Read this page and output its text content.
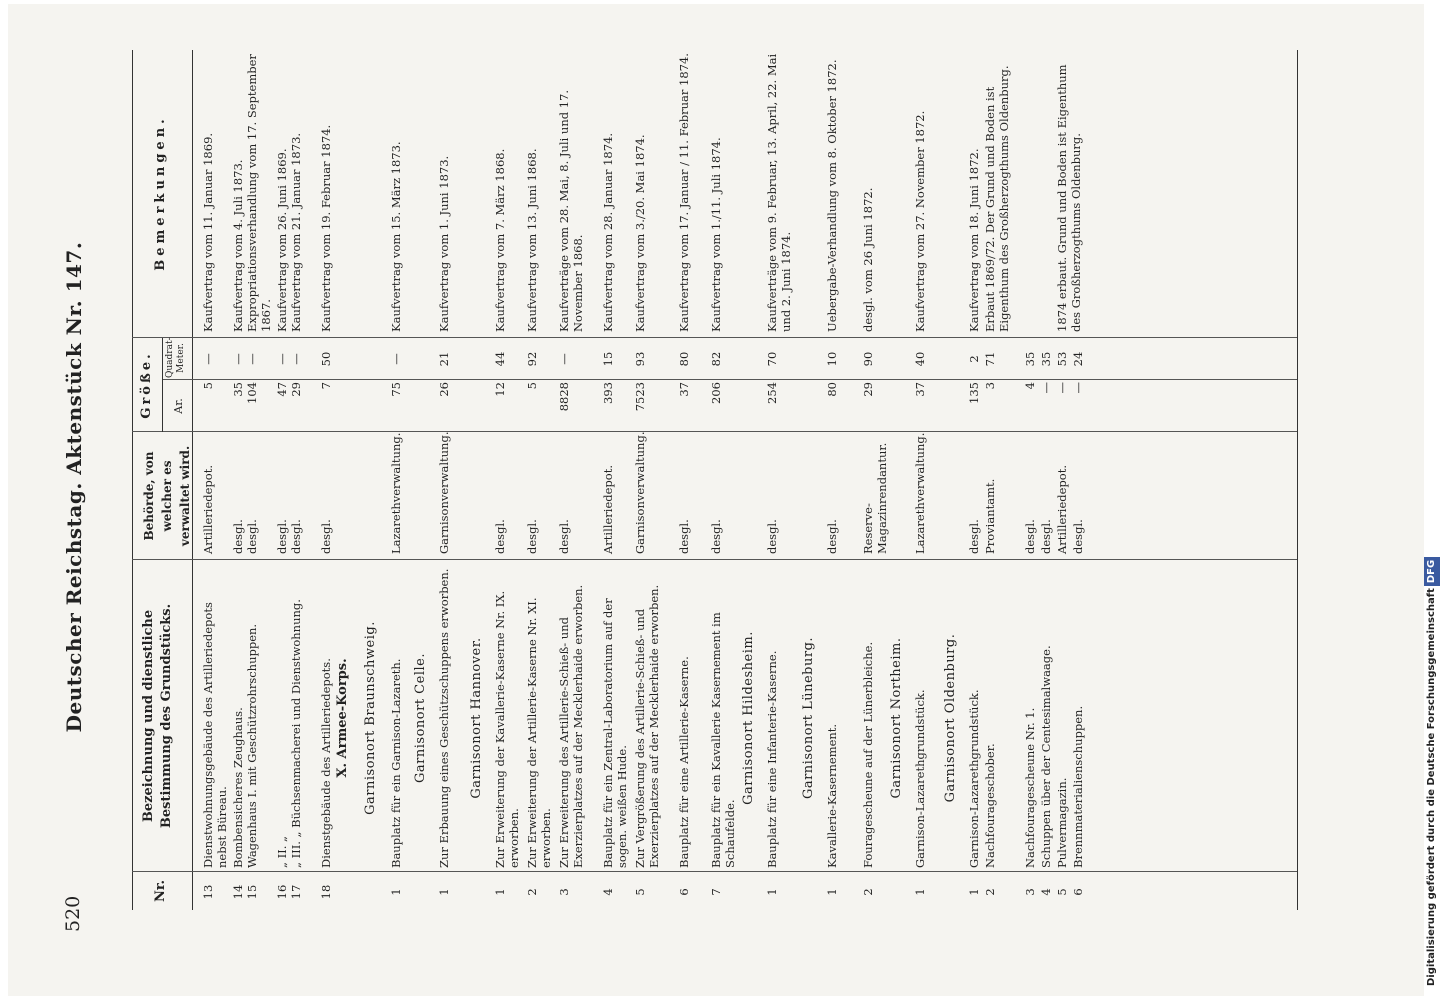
520
Deutscher Reichstag. Aktenstück Nr. 147.
Nr.
Bezeichnung und dienstliche Bestimmung des Grundstücks.
Behörde, von welcher es verwaltet wird.
Größe. Ar.
Quadrat-Meter.
Bemerkungen.
13
Dienstwohnungsgebäude des Artilleriedepots nebst Büreau.
Artilleriedepot.
5
—
Kaufvertrag vom 11. Januar 1869.
14
Bombensicheres Zeughaus.
desgl.
35
—
Kaufvertrag vom 4. Juli 1873.
15
Wagenhaus I. mit Geschützrohrschuppen.
desgl.
104
—
Expropriationsverhandlung vom 17. September 1867.
16
„ II. „
desgl.
47
—
Kaufvertrag vom 26. Juni 1869.
17
„ III. „ Büchsenmacherei und Dienstwohnung.
desgl.
29
—
Kaufvertrag vom 21. Januar 1873.
18
Dienstgebäude des Artilleriedepots.
desgl.
7
50
Kaufvertrag vom 19. Februar 1874.
X. Armee-Korps. Garnisonort Braunschweig.
1
Bauplatz für ein Garnison-Lazareth.
Lazarethverwaltung.
75
—
Kaufvertrag vom 15. März 1873.
Garnisonort Celle.
1
Zur Erbauung eines Geschützschuppens erworben.
Garnisonverwaltung.
26
21
Kaufvertrag vom 1. Juni 1873.
Garnisonort Hannover.
1
Zur Erweiterung der Kavallerie-Kaserne Nr. IX. erworben.
desgl.
12
44
Kaufvertrag vom 7. März 1868.
2
Zur Erweiterung der Artillerie-Kaserne Nr. XI. erworben.
desgl.
5
92
Kaufvertrag vom 13. Juni 1868.
3
Zur Erweiterung des Artillerie-Schieß- und Exerzierplatzes auf der Mecklerhaide erworben.
desgl.
8828
—
Kaufverträge vom 28. Mai, 8. Juli und 17. November 1868.
4
Bauplatz für ein Zentral-Laboratorium auf der sogen. weißen Hude.
Artilleriedepot.
393
15
Kaufvertrag vom 28. Januar 1874.
5
Zur Vergrößerung des Artillerie-Schieß- und Exerzierplatzes auf der Mecklerhaide erworben.
Garnisonverwaltung.
7523
93
Kaufvertrag vom 3./20. Mai 1874.
6
Bauplatz für eine Artillerie-Kaserne.
desgl.
37
80
Kaufvertrag vom 17. Januar / 11. Februar 1874.
7
Bauplatz für ein Kavallerie Kasernement im Schaufelde.
desgl.
206
82
Kaufvertrag vom 1./11. Juli 1874.
Garnisonort Hildesheim.
1
Bauplatz für eine Infanterie-Kaserne.
desgl.
254
70
Kaufverträge vom 9. Februar, 13. April, 22. Mai und 2. Juni 1874.
Garnisonort Lüneburg.
1
Kavallerie-Kasernement.
desgl.
80
10
Uebergabe-Verhandlung vom 8. Oktober 1872.
2
Fouragescheune auf der Lünerbleiche.
Reserve-Magazinrendantur.
29
90
desgl. vom 26 Juni 1872.
Garnisonort Northeim.
1
Garnison-Lazarethgrundstück.
Lazarethverwaltung.
37
40
Kaufvertrag vom 27. November 1872.
Garnisonort Oldenburg.
1
Garnison-Lazarethgrundstück.
desgl.
135
2
Kaufvertrag vom 18. Juni 1872.
2
Nachfourageschober.
Proviantamt.
3
71
Erbaut 1869/72. Der Grund und Boden ist Eigenthum des Großherzogthums Oldenburg.
3
Nachfouragescheune Nr. 1.
desgl.
4
35
4
Schuppen über der Centesimalwaage.
desgl.
—
35
5
Pulvermagazin.
Artilleriedepot.
—
53
1874 erbaut. Grund und Boden ist Eigenthum des Großherzogthums Oldenburg.
6
Brennmaterialienschuppen.
desgl.
—
24
Digitalisierung gefördert durch die Deutsche ForschungsgemeinschaftDFG
